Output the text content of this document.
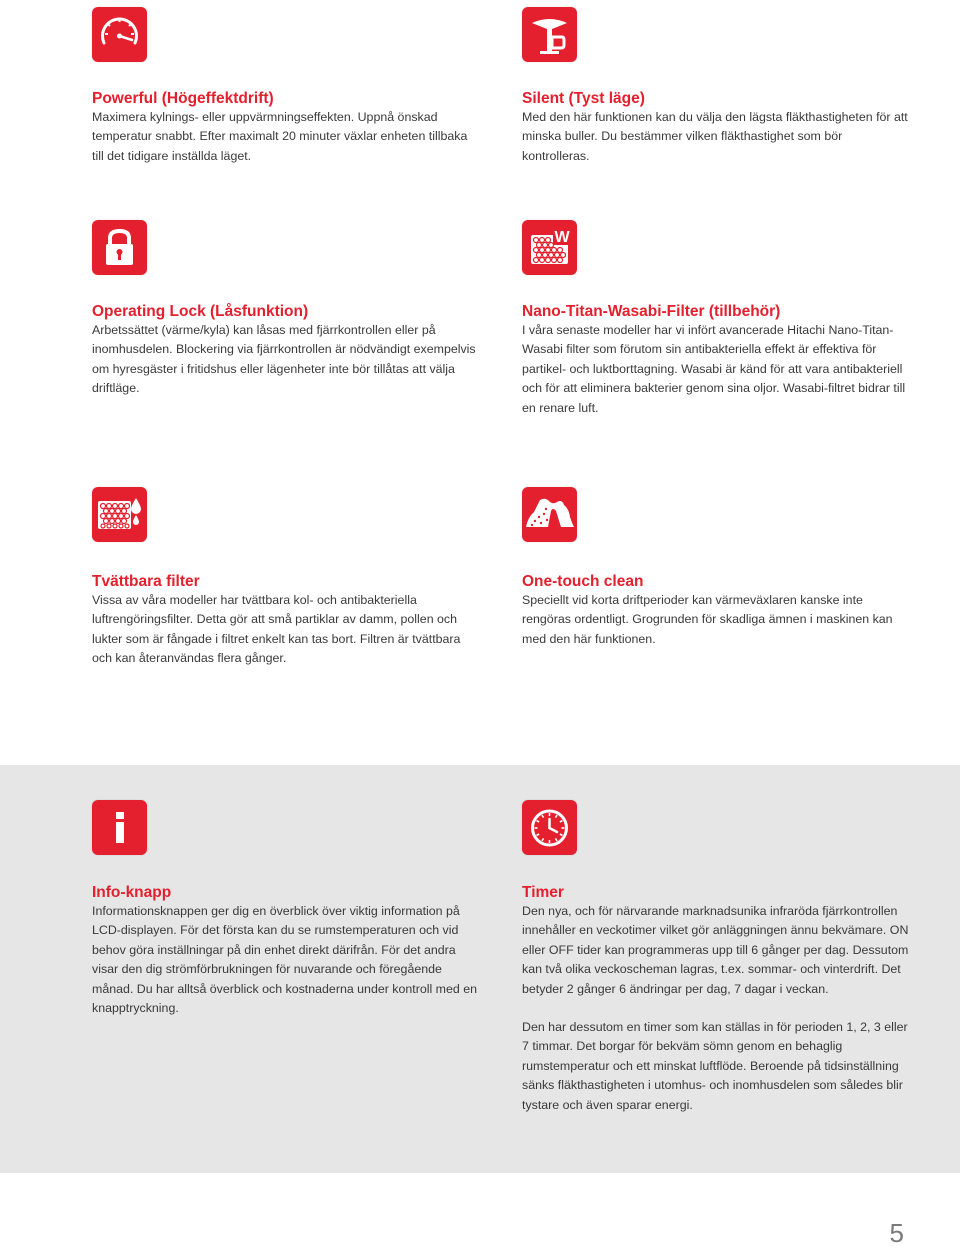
Powerful (Högeffektdrift)

Maximera kylnings- eller uppvärmningseffekten. Uppnå önskad temperatur snabbt. Efter maximalt 20 minuter växlar enheten tillbaka till det tidigare inställda läget.

Silent (Tyst läge)

Med den här funktionen kan du välja den lägsta fläkthastigheten för att minska buller. Du bestämmer vilken fläkthastighet som bör kontrolleras.

Operating Lock (Låsfunktion)

Arbetssättet (värme/kyla) kan låsas med fjärrkontrollen eller på inomhusdelen. Blockering via fjärrkontrollen är nödvändigt exempelvis om hyresgäster i fritidshus eller lägenheter inte bör tillåtas att välja driftläge.

W
Nano-Titan-Wasabi-Filter (tillbehör)

I våra senaste modeller har vi infört avancerade Hitachi Nano-Titan-Wasabi filter som förutom sin antibakteriella effekt är effektiva för partikel- och luktborttagning. Wasabi är känd för att vara antibakteriell och för att eliminera bakterier genom sina oljor. Wasabi-filtret bidrar till en renare luft.

Tvättbara filter

Vissa av våra modeller har tvättbara kol- och antibakteriella luftrengöringsfilter. Detta gör att små partiklar av damm, pollen och lukter som är fångade i filtret enkelt kan tas bort. Filtren är tvättbara och kan återanvändas flera gånger.

One-touch clean

Speciellt vid korta driftperioder kan värmeväxlaren kanske inte rengöras ordentligt. Grogrunden för skadliga ämnen i maskinen kan med den här funktionen.

Info-knapp

Informationsknappen ger dig en överblick över viktig information på LCD-displayen. För det första kan du se rumstemperaturen och vid behov göra inställningar på din enhet direkt därifrån. För det andra visar den dig strömförbrukningen för nuvarande och föregående månad. Du har alltså överblick och kostnaderna under kontroll med en knapptryckning.

Timer

Den nya, och för närvarande marknadsunika infraröda fjärrkontrollen innehåller en veckotimer vilket gör anläggningen ännu bekvämare. ON eller OFF tider kan programmeras upp till 6 gånger per dag. Dessutom kan två olika veckoscheman lagras, t.ex. sommar- och vinterdrift. Det betyder 2 gånger 6 ändringar per dag, 7 dagar i veckan.

Den har dessutom en timer som kan ställas in för perioden 1, 2, 3 eller 7 timmar. Det borgar för bekväm sömn genom en behaglig rumstemperatur och ett minskat luftflöde. Beroende på tidsinställning sänks fläkthastigheten i utomhus- och inomhusdelen som således blir tystare och även sparar energi.

5
